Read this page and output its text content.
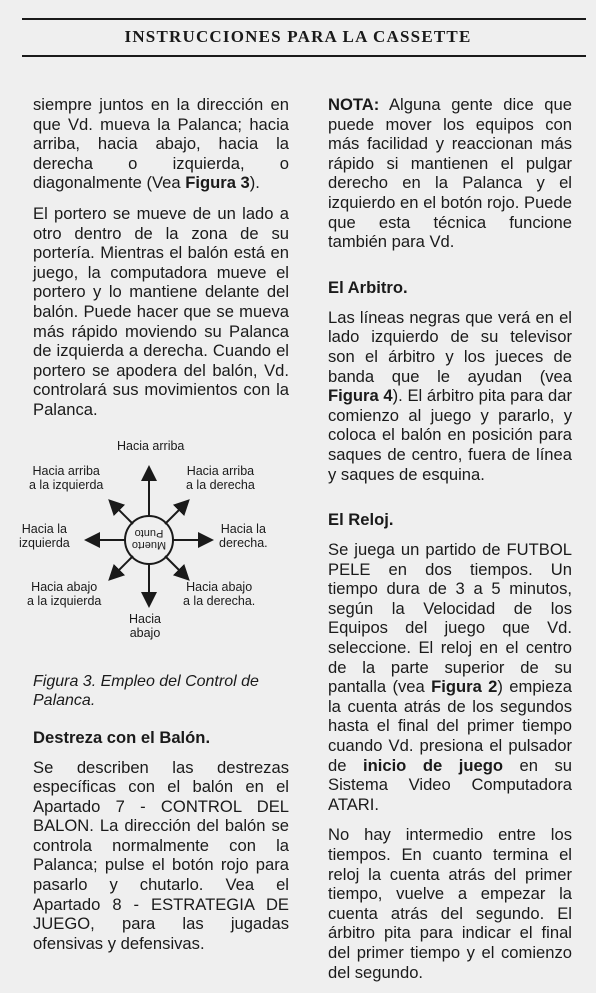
INSTRUCCIONES PARA LA CASSETTE

siempre juntos en la dirección en que Vd. mueva la Palanca; hacia arriba, hacia abajo, hacia la derecha o izquierda, o diagonalmente (Vea Figura 3).

El portero se mueve de un lado a otro dentro de la zona de su portería. Mientras el balón está en juego, la computadora mueve el portero y lo mantiene delante del balón. Puede hacer que se mueva más rápido moviendo su Palanca de izquierda a derecha. Cuando el portero se apodera del balón, Vd. controlará sus movimientos con la Palanca.

Punto
Muerto
Hacia arriba
Hacia arriba
a la izquierda
Hacia arriba
a la derecha
Hacia la
izquierda
Hacia la
derecha.
Hacia abajo
a la izquierda
Hacia abajo
a la derecha.
Hacia
abajo
Figura 3. Empleo del Control de Palanca.
Destreza con el Balón.

Se describen las destrezas específicas con el balón en el Apartado 7 - CONTROL DEL BALON. La dirección del balón se controla normalmente con la Palanca; pulse el botón rojo para pasarlo y chutarlo. Vea el Apartado 8 - ESTRATEGIA DE JUEGO, para las jugadas ofensivas y defensivas.

NOTA: Alguna gente dice que puede mover los equipos con más facilidad y reaccionan más rápido si mantienen el pulgar derecho en la Palanca y el izquierdo en el botón rojo. Puede que esta técnica funcione también para Vd.

El Arbitro.

Las líneas negras que verá en el lado izquierdo de su televisor son el árbitro y los jueces de banda que le ayudan (vea Figura 4). El árbitro pita para dar comienzo al juego y pararlo, y coloca el balón en posición para saques de centro, fuera de línea y saques de esquina.

El Reloj.

Se juega un partido de FUTBOL PELE en dos tiempos. Un tiempo dura de 3 a 5 minutos, según la Velocidad de los Equipos del juego que Vd. seleccione. El reloj en el centro de la parte superior de su pantalla (vea Figura 2) empieza la cuenta atrás de los segundos hasta el final del primer tiempo cuando Vd. presiona el pulsador de inicio de juego en su Sistema Video Computadora ATARI.

No hay intermedio entre los tiempos. En cuanto termina el reloj la cuenta atrás del primer tiempo, vuelve a empezar la cuenta atrás del segundo. El árbitro pita para indicar el final del primer tiempo y el comienzo del segundo.
